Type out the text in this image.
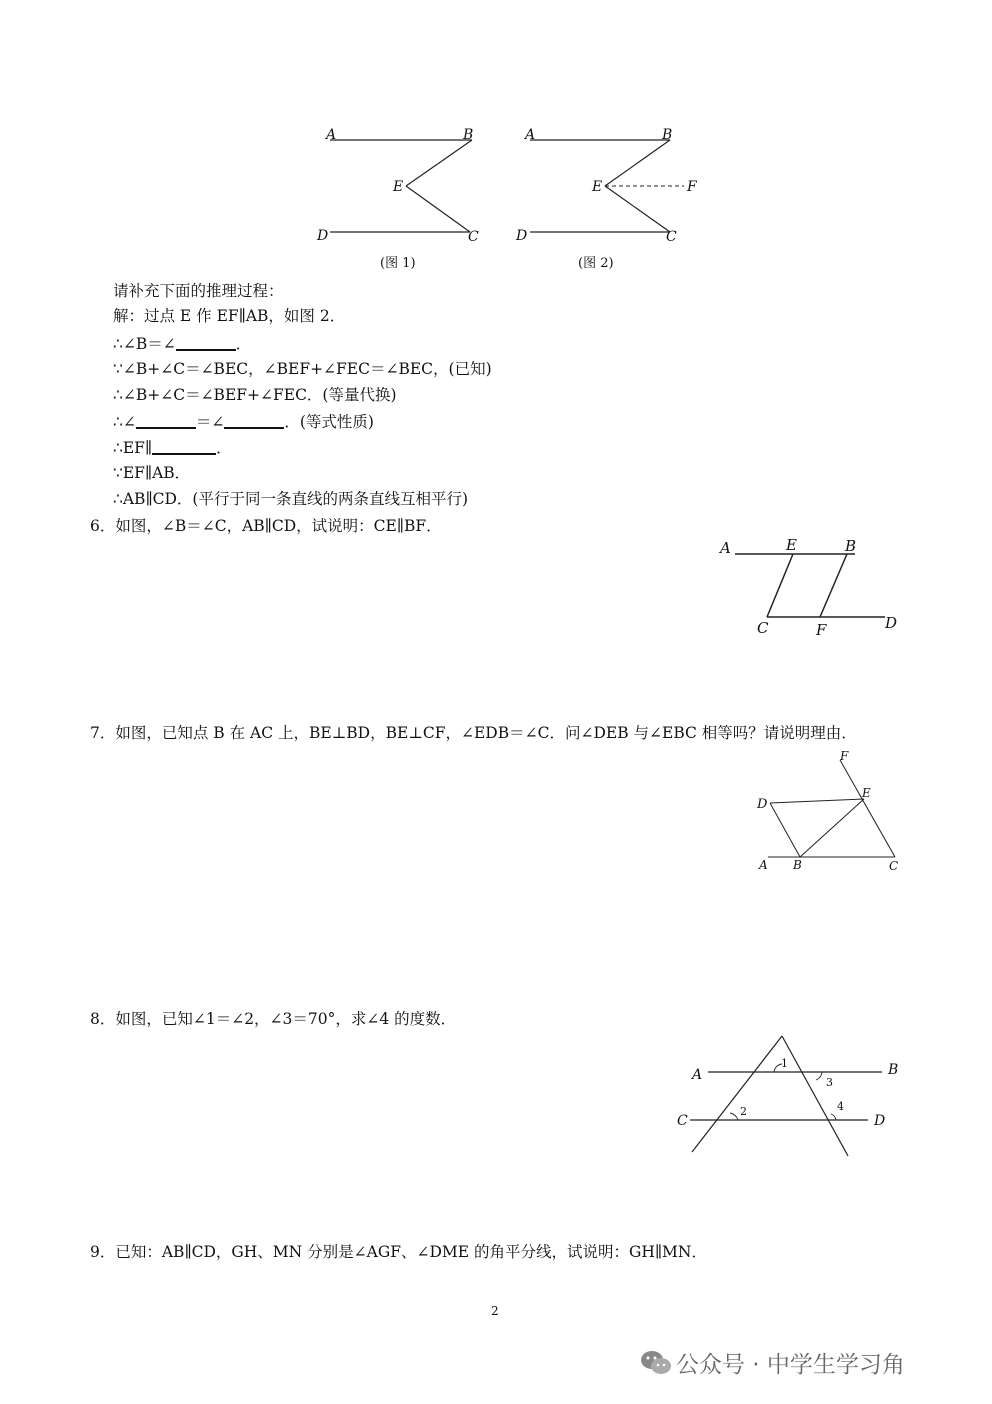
A	B
E
D	C
(图 1)
A	B
E	F
D	C
(图 2)
请补充下面的推理过程：
解：过点 E 作 EF∥AB，如图 2．
∴∠B＝∠	．
∵∠B+∠C＝∠BEC，∠BEF+∠FEC＝∠BEC，(已知)
∴∠B+∠C＝∠BEF+∠FEC．(等量代换)
∴∠	＝∠	．(等式性质)
∴EF∥	．
∵EF∥AB．
∴AB∥CD．(平行于同一条直线的两条直线互相平行)
6．如图，∠B＝∠C，AB∥CD，试说明：CE∥BF．
A	E	B
C	F	D
7．如图，已知点 B 在 AC 上，BE⊥BD，BE⊥CF，∠EDB＝∠C．问∠DEB 与∠EBC 相等吗？请说明理由．
F
D
E
A B	C
8．如图，已知∠1＝∠2，∠3＝70°，求∠4 的度数．
A	B
C	D
1
2
3
4
9．已知：AB∥CD，GH、MN 分别是∠AGF、∠DME 的角平分线，试说明：GH∥MN．
2
公众号 · 中学生学习角
